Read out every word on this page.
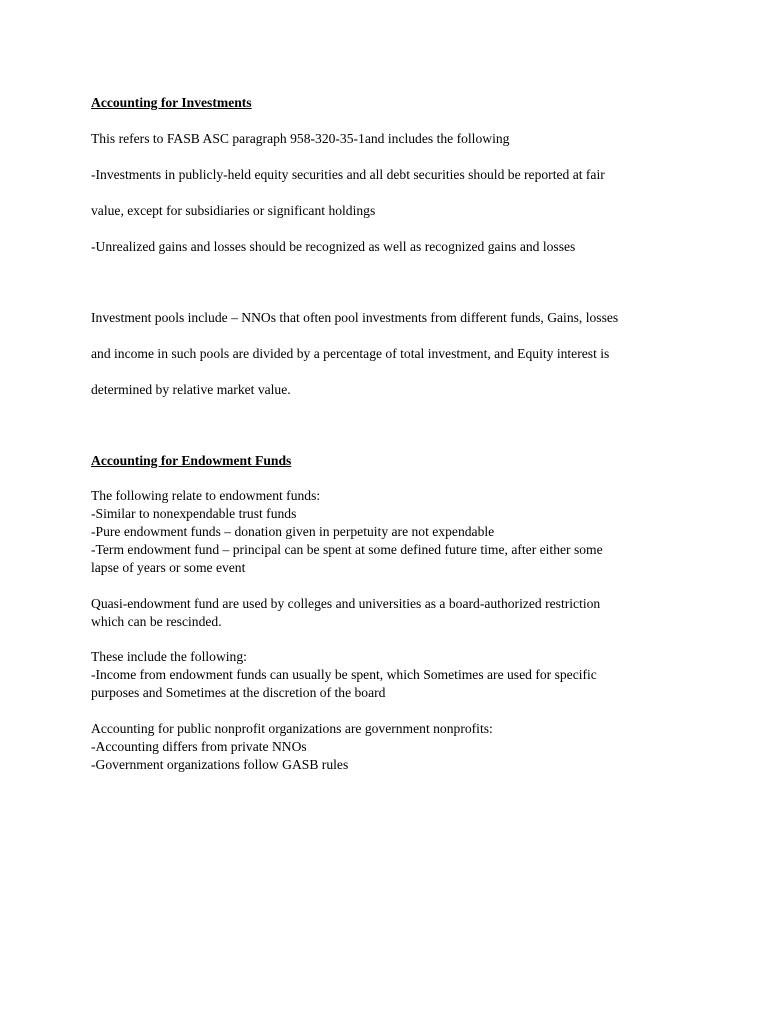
Accounting for Investments
This refers to FASB ASC paragraph 958-320-35-1and includes the following
-Investments in publicly-held equity securities and all debt securities should be reported at fair
value, except for subsidiaries or significant holdings
-Unrealized gains and losses should be recognized as well as recognized gains and losses
Investment pools include – NNOs that often pool investments from different funds, Gains, losses
and income in such pools are divided by a percentage of total investment, and Equity interest is
determined by relative market value.
Accounting for Endowment Funds
The following relate to endowment funds:
-Similar to nonexpendable trust funds
-Pure endowment funds – donation given in perpetuity are not expendable
-Term endowment fund – principal can be spent at some defined future time, after either some
lapse of years or some event
Quasi-endowment fund are used by colleges and universities as a board-authorized restriction
which can be rescinded.
These include the following:
-Income from endowment funds can usually be spent, which Sometimes are used for specific
purposes and Sometimes at the discretion of the board
Accounting for public nonprofit organizations are government nonprofits:
-Accounting differs from private NNOs
-Government organizations follow GASB rules
